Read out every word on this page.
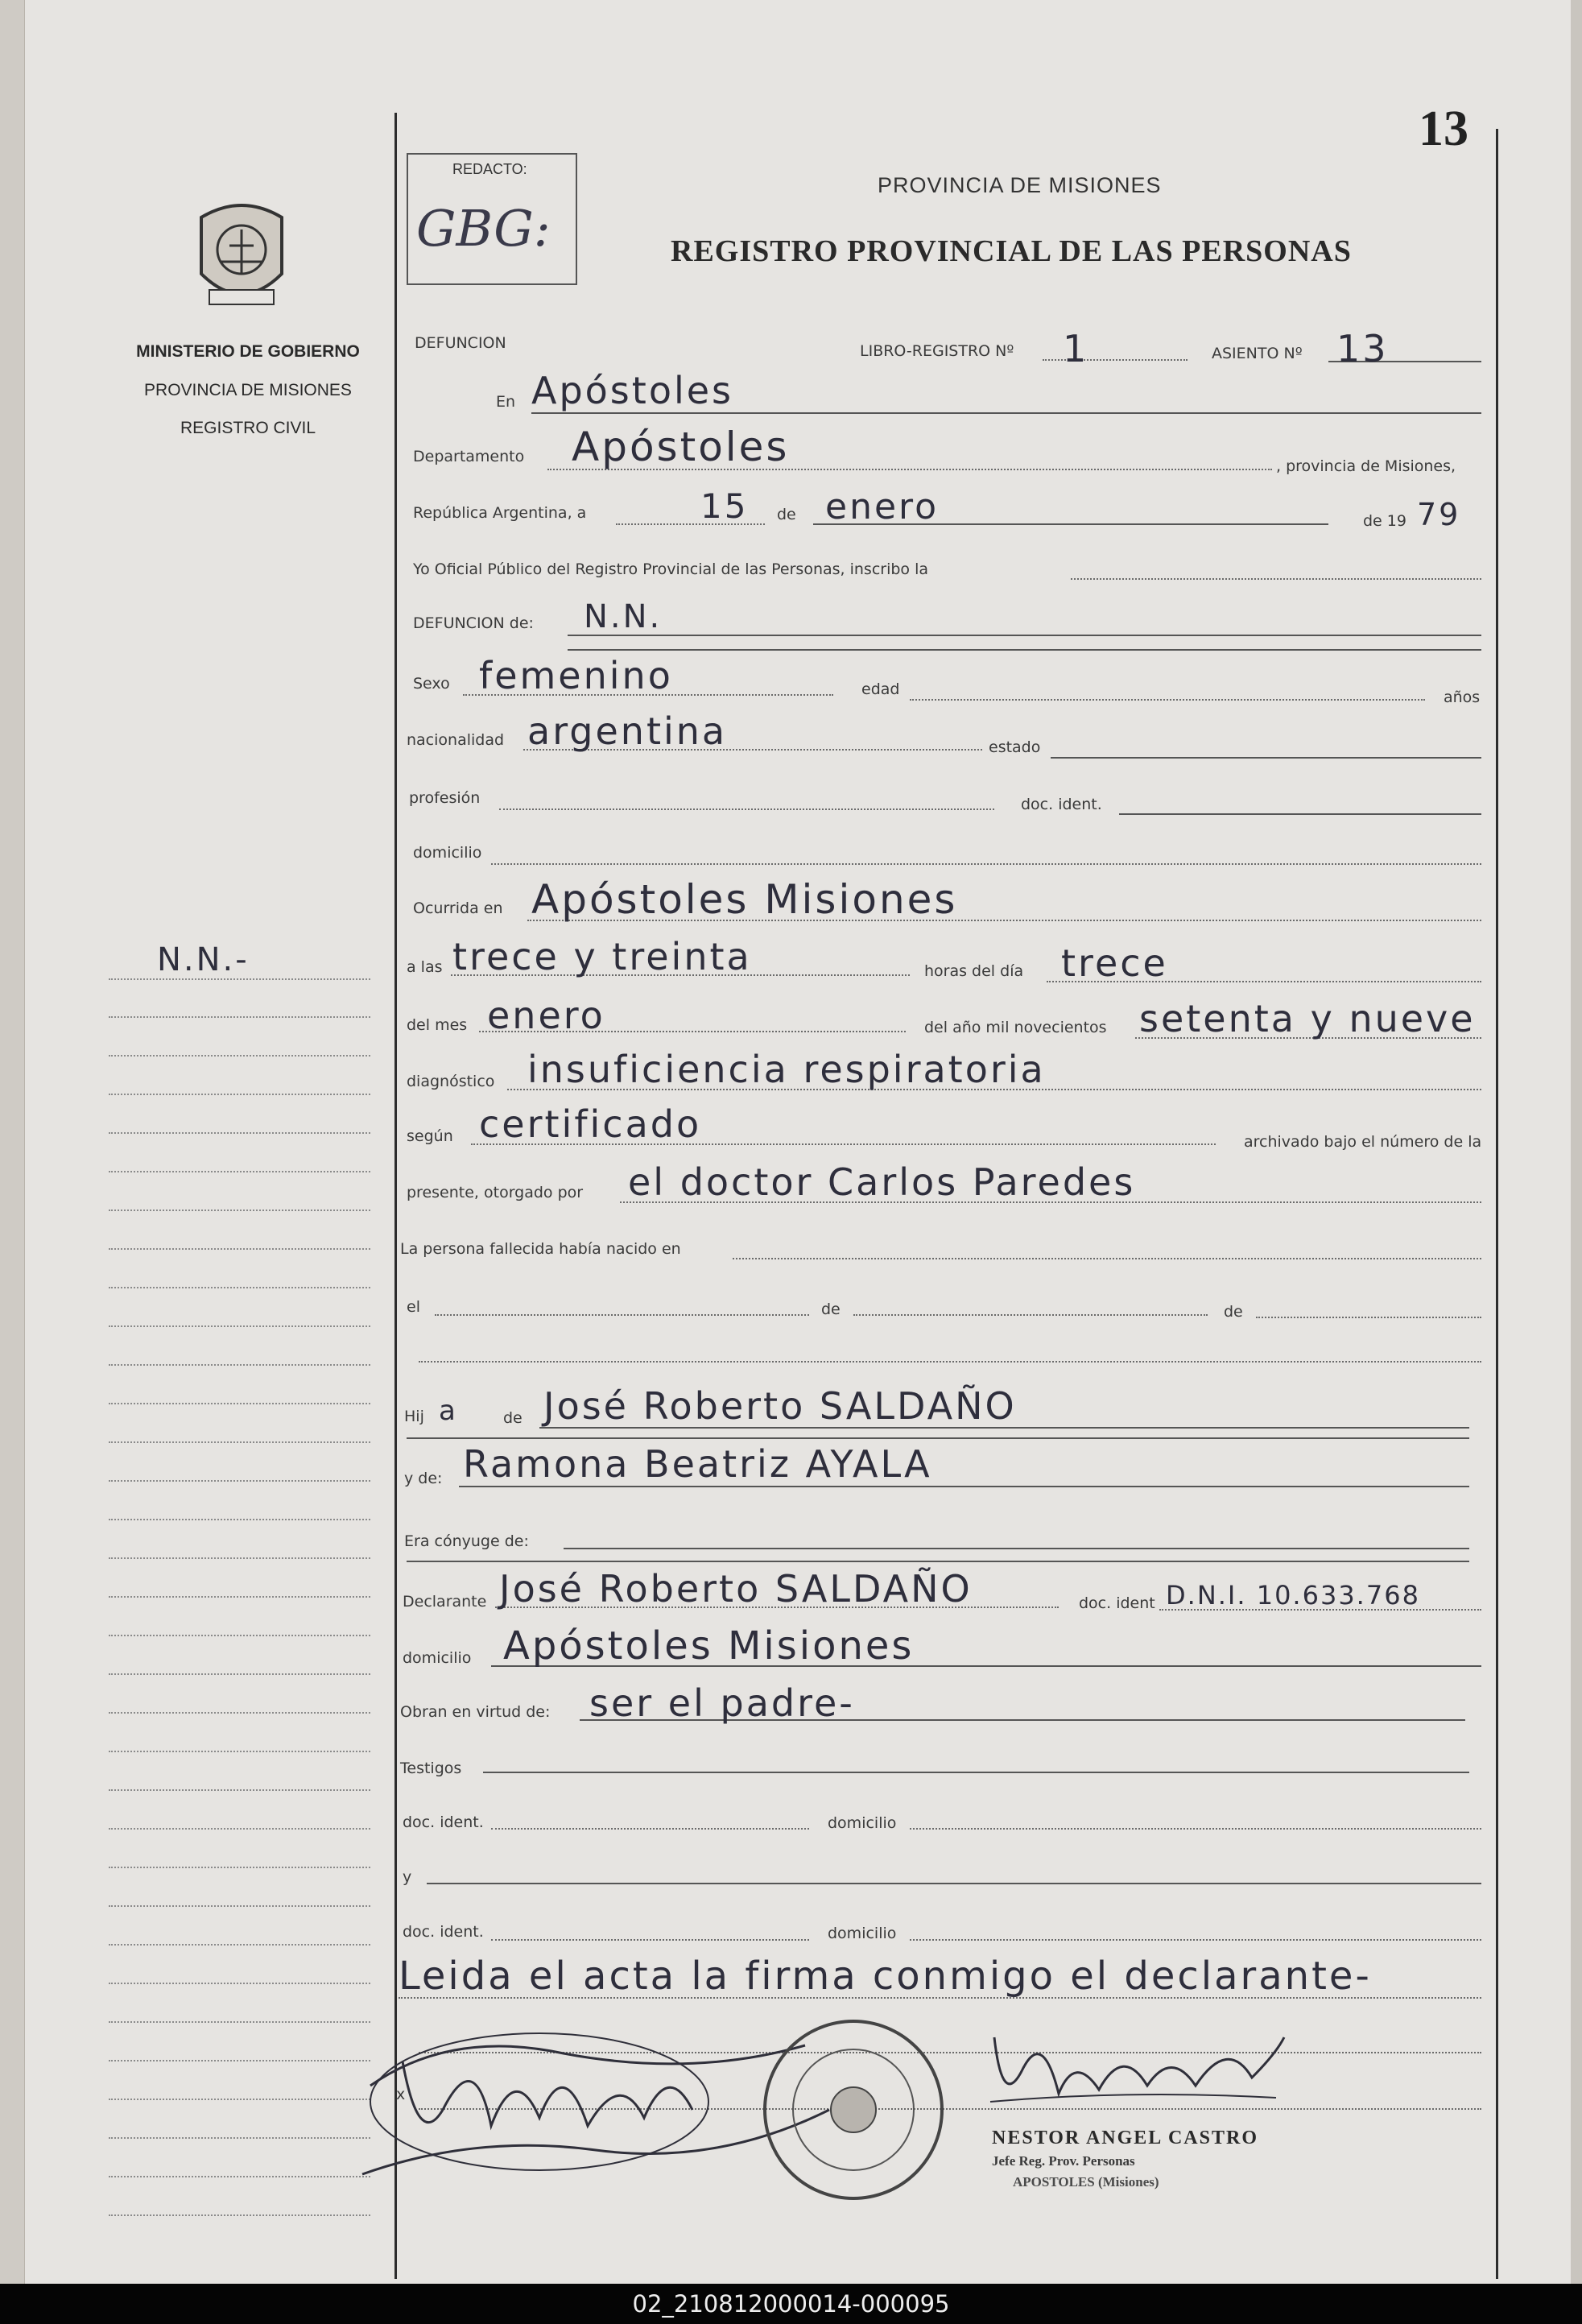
13
MINISTERIO DE GOBIERNO
PROVINCIA DE MISIONES
REGISTRO CIVIL
N.N.-
REDACTO:
GBG:
PROVINCIA DE MISIONES
REGISTRO PROVINCIAL DE LAS PERSONAS
DEFUNCION	LIBRO-REGISTRO Nº 1	ASIENTO Nº 13
En Apóstoles
Departamento Apóstoles	, provincia de Misiones,
República Argentina, a	15 de enero	de 19 79
Yo Oficial Público del Registro Provincial de las Personas, inscribo la
DEFUNCION de: N.N.
Sexo femenino	edad	años
nacionalidad argentina	estado
profesión	doc. ident.
domicilio
Ocurrida en Apóstoles Misiones
a las trece y treinta	horas del día trece
del mes enero	del año mil novecientos setenta y nueve
diagnóstico insuficiencia respiratoria
según certificado	archivado bajo el número de la
presente, otorgado por el doctor Carlos Paredes
La persona fallecida había nacido en
el	de	de
Hij a	de José Roberto SALDAÑO
y de: Ramona Beatriz AYALA
Era cónyuge de:
Declarante José Roberto SALDAÑO	doc. ident D.N.I. 10.633.768
domicilio Apóstoles Misiones
Obran en virtud de: ser el padre-
Testigos
doc. ident.	domicilio
y
doc. ident.	domicilio
Leida el acta la firma conmigo el declarante-
x
NESTOR ANGEL CASTRO
Jefe Reg. Prov. Personas
APOSTOLES (Misiones)
02_210812000014-000095
